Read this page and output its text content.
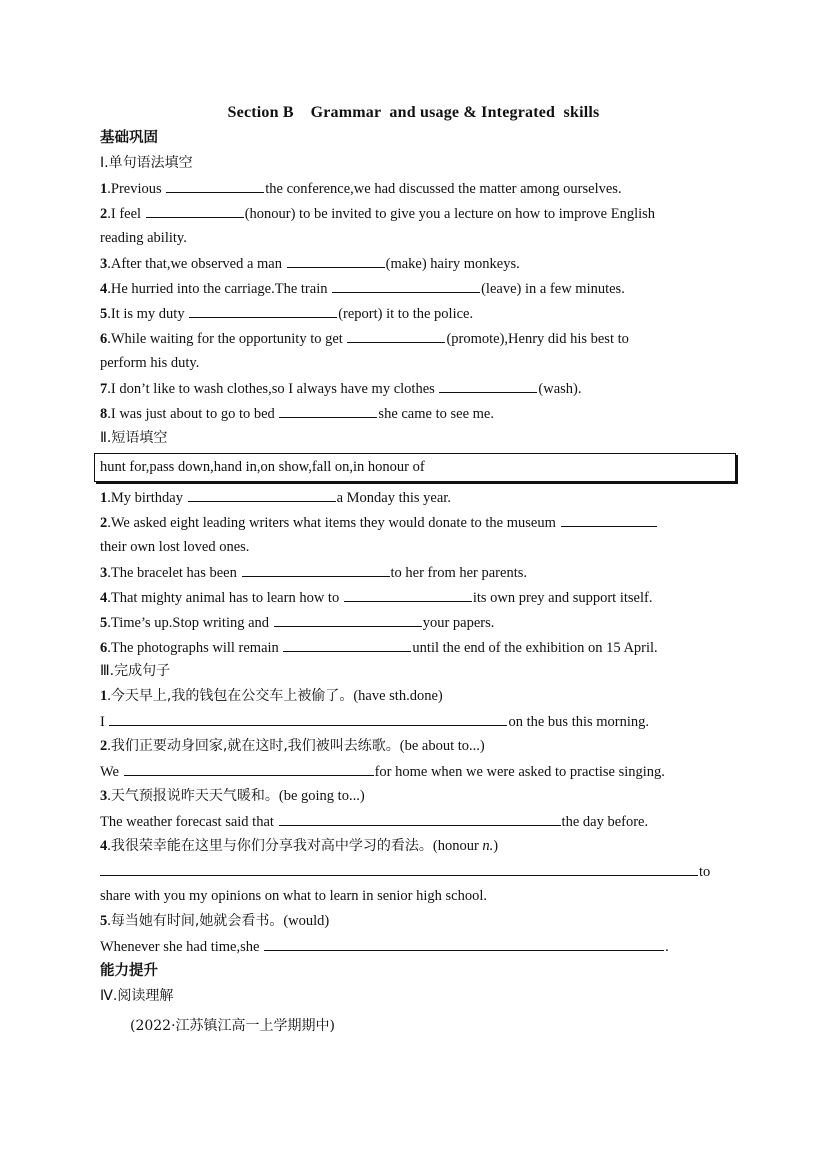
Section B    Grammar  and usage & Integrated  skills
基础巩固
Ⅰ.单句语法填空
1.Previous	the conference,we had discussed the matter among ourselves.
2.I feel	(honour) to be invited to give you a lecture on how to improve English
reading ability.
3.After that,we observed a man	(make) hairy monkeys.
4.He hurried into the carriage.The train	(leave) in a few minutes.
5.It is my duty	(report) it to the police.
6.While waiting for the opportunity to get	(promote),Henry did his best to
perform his duty.
7.I don’t like to wash clothes,so I always have my clothes	(wash).
8.I was just about to go to bed	she came to see me.
Ⅱ.短语填空
hunt for,pass down,hand in,on show,fall on,in honour of
1.My birthday	a Monday this year.
2.We asked eight leading writers what items they would donate to the museum
their own lost loved ones.
3.The bracelet has been	to her from her parents.
4.That mighty animal has to learn how to	its own prey and support itself.
5.Time’s up.Stop writing and	your papers.
6.The photographs will remain	until the end of the exhibition on 15 April.
Ⅲ.完成句子
1.今天早上,我的钱包在公交车上被偷了。(have sth.done)
I	on the bus this morning.
2.我们正要动身回家,就在这时,我们被叫去练歌。(be about to...)
We	for home when we were asked to practise singing.
3.天气预报说昨天天气暖和。(be going to...)
The weather forecast said that	the day before.
4.我很荣幸能在这里与你们分享我对高中学习的看法。(honour n.)
to
share with you my opinions on what to learn in senior high school.
5.每当她有时间,她就会看书。(would)
Whenever she had time,she	.
能力提升
Ⅳ.阅读理解
(2022·江苏镇江高一上学期期中)
